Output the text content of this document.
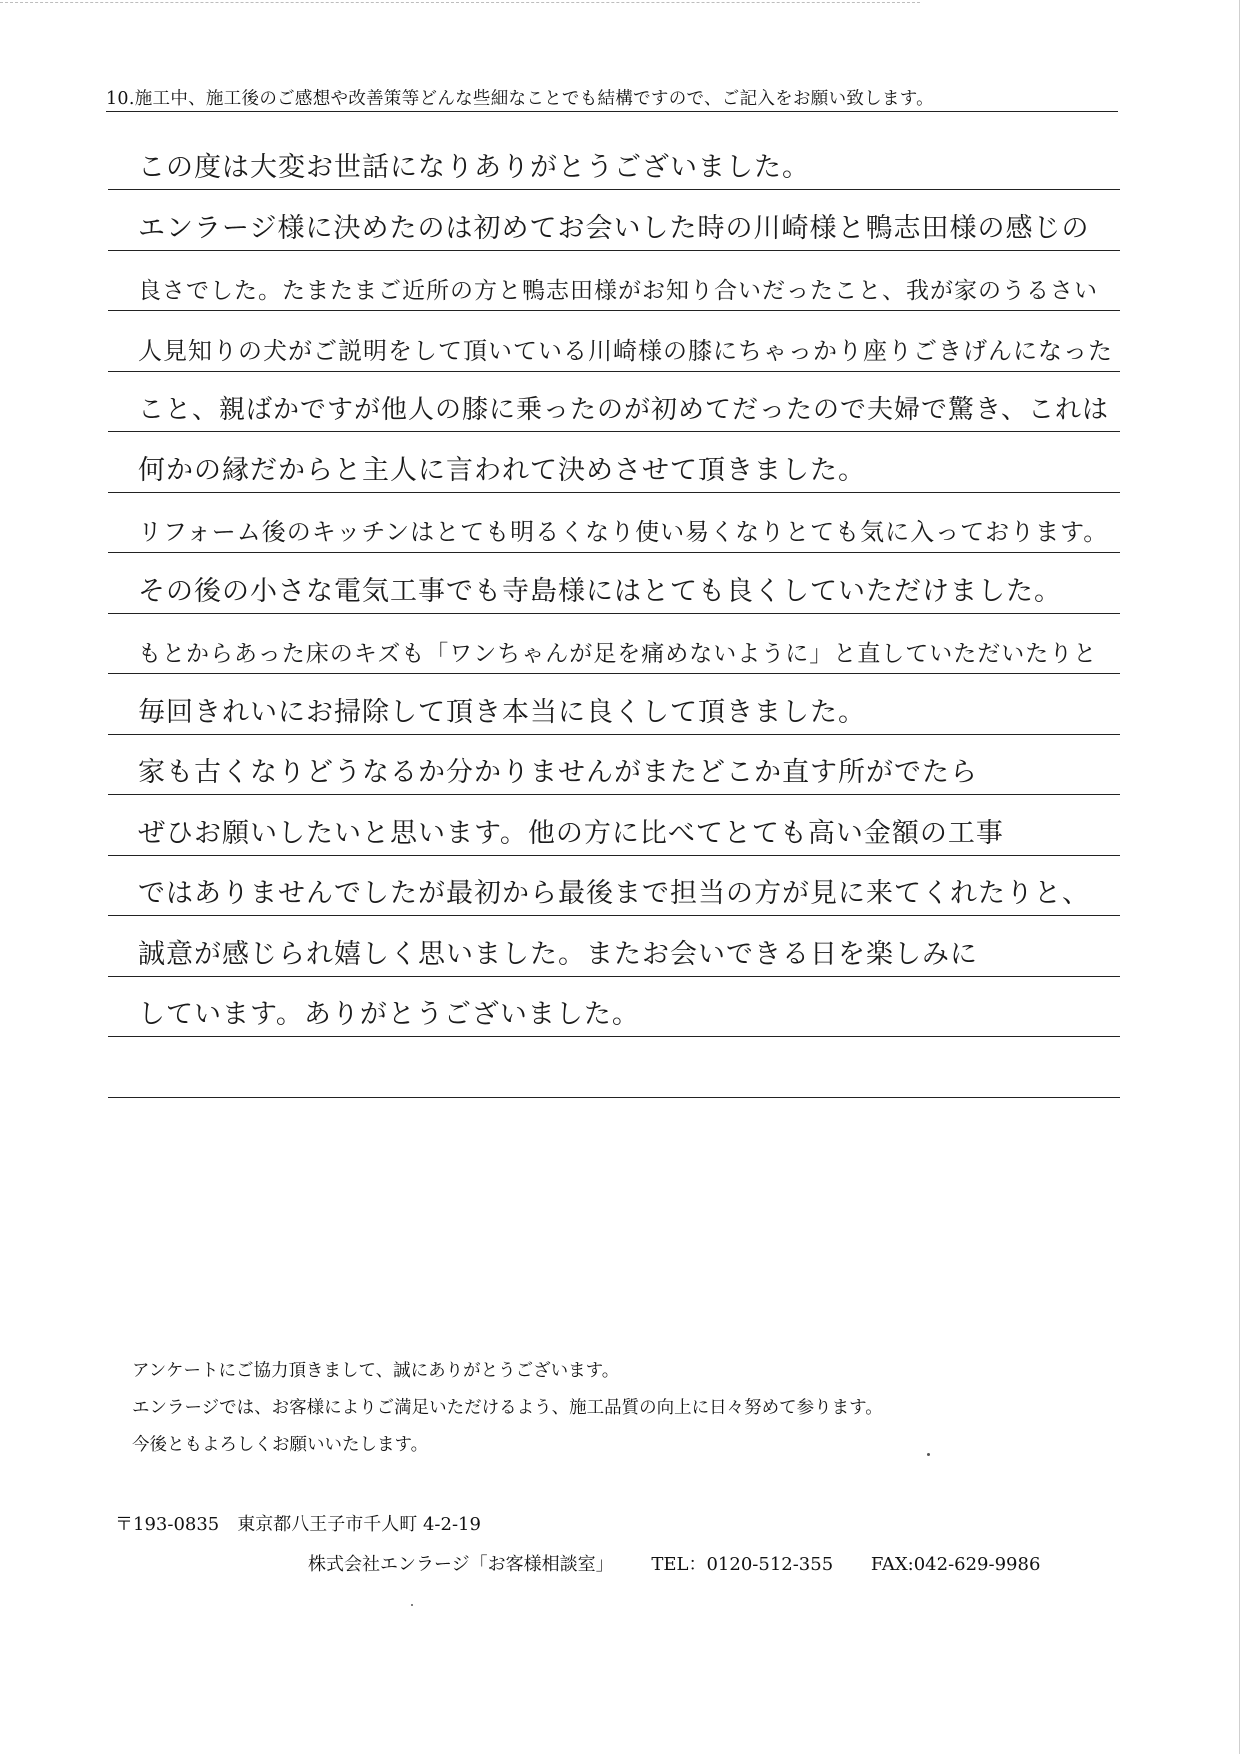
10.施工中、施工後のご感想や改善策等どんな些細なことでも結構ですので、ご記入をお願い致します。
この度は大変お世話になりありがとうございました。
エンラージ様に決めたのは初めてお会いした時の川崎様と鴨志田様の感じの
良さでした。たまたまご近所の方と鴨志田様がお知り合いだったこと、我が家のうるさい
人見知りの犬がご説明をして頂いている川崎様の膝にちゃっかり座りごきげんになった
こと、親ばかですが他人の膝に乗ったのが初めてだったので夫婦で驚き、これは
何かの縁だからと主人に言われて決めさせて頂きました。
リフォーム後のキッチンはとても明るくなり使い易くなりとても気に入っております。
その後の小さな電気工事でも寺島様にはとても良くしていただけました。
もとからあった床のキズも「ワンちゃんが足を痛めないように」と直していただいたりと
毎回きれいにお掃除して頂き本当に良くして頂きました。
家も古くなりどうなるか分かりませんがまたどこか直す所がでたら
ぜひお願いしたいと思います。他の方に比べてとても高い金額の工事
ではありませんでしたが最初から最後まで担当の方が見に来てくれたりと、
誠意が感じられ嬉しく思いました。またお会いできる日を楽しみに
しています。ありがとうございました。
アンケートにご協力頂きまして、誠にありがとうございます。
エンラージでは、お客様によりご満足いただけるよう、施工品質の向上に日々努めて参ります。
今後ともよろしくお願いいたします。
〒193-0835　東京都八王子市千人町 4-2-19
株式会社エンラージ「お客様相談室」 TEL：0120-512-355 FAX:042-629-9986
